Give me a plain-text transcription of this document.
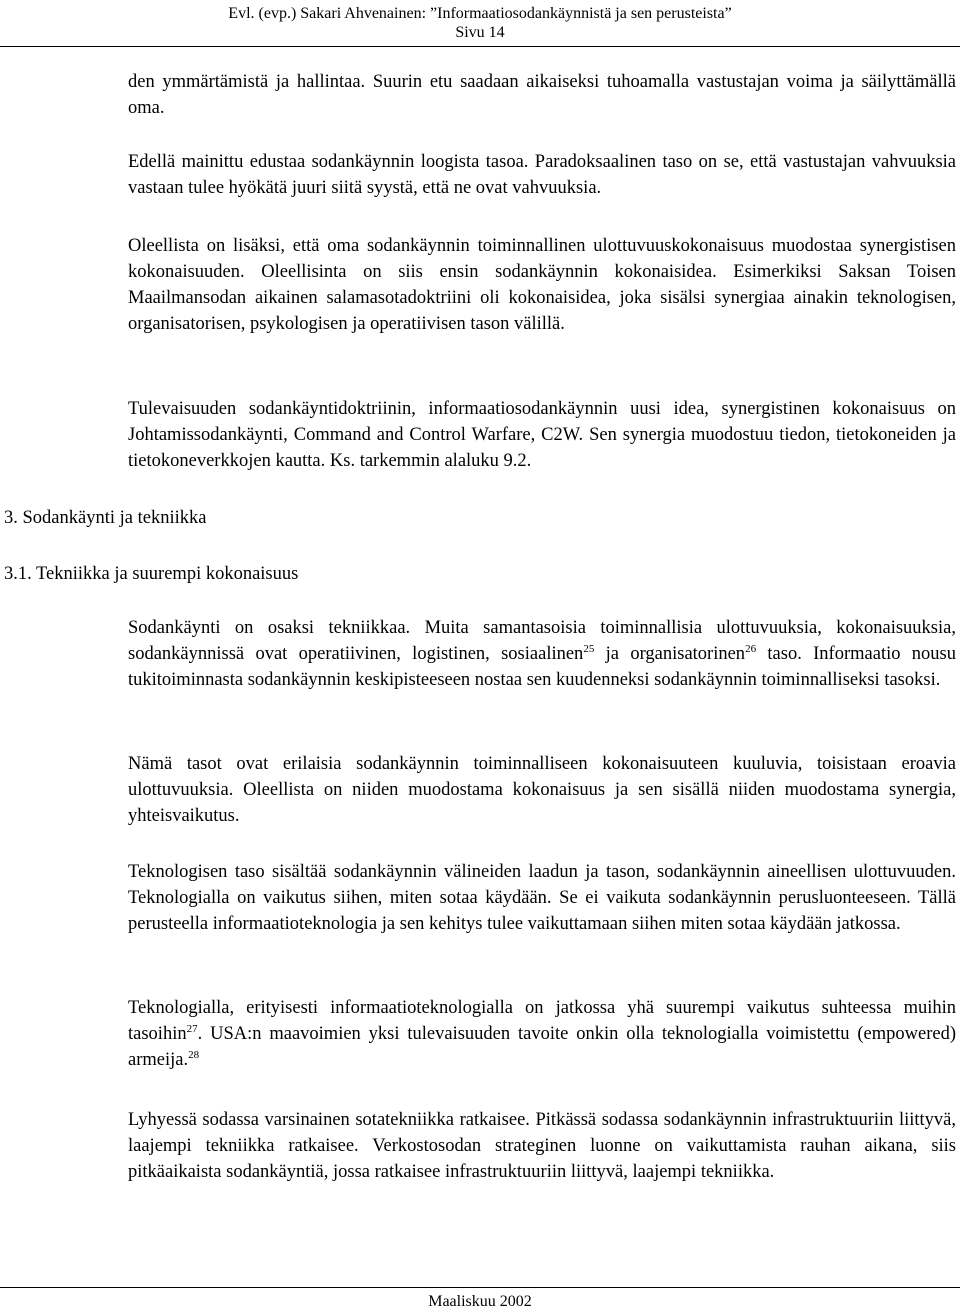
Evl. (evp.) Sakari Ahvenainen: ”Informaatiosodankäynnistä ja sen perusteista”
Sivu 14

den ymmärtämistä ja hallintaa. Suurin etu saadaan aikaiseksi tuhoamalla vastustajan voima ja säilyttämällä oma.

Edellä mainittu edustaa sodankäynnin loogista tasoa. Paradoksaalinen taso on se, että vastustajan vahvuuksia vastaan tulee hyökätä juuri siitä syystä, että ne ovat vahvuuksia.

Oleellista on lisäksi, että oma sodankäynnin toiminnallinen ulottuvuuskokonaisuus muodostaa synergistisen kokonaisuuden. Oleellisinta on siis ensin sodankäynnin kokonaisidea. Esimerkiksi Saksan Toisen Maailmansodan aikainen salamasotadoktriini oli kokonaisidea, joka sisälsi synergiaa ainakin teknologisen, organisatorisen, psykologisen ja operatiivisen tason välillä.

Tulevaisuuden sodankäyntidoktriinin, informaatiosodankäynnin uusi idea, synergistinen kokonaisuus on Johtamissodankäynti, Command and Control Warfare, C2W. Sen synergia muodostuu tiedon, tietokoneiden ja tietokoneverkkojen kautta. Ks. tarkemmin alaluku 9.2.

3. Sodankäynti ja tekniikka
3.1. Tekniikka ja suurempi kokonaisuus

Sodankäynti on osaksi tekniikkaa. Muita samantasoisia toiminnallisia ulottuvuuksia, kokonaisuuksia, sodankäynnissä ovat operatiivinen, logistinen, sosiaalinen$^{25}$ ja organisatorinen$^{26}$ taso. Informaatio nousu tukitoiminnasta sodankäynnin keskipisteeseen nostaa sen kuudenneksi sodankäynnin toiminnalliseksi tasoksi.

Nämä tasot ovat erilaisia sodankäynnin toiminnalliseen kokonaisuuteen kuuluvia, toisistaan eroavia ulottuvuuksia. Oleellista on niiden muodostama kokonaisuus ja sen sisällä niiden muodostama synergia, yhteisvaikutus.

Teknologisen taso sisältää sodankäynnin välineiden laadun ja tason, sodankäynnin aineellisen ulottuvuuden. Teknologialla on vaikutus siihen, miten sotaa käydään. Se ei vaikuta sodankäynnin perusluonteeseen. Tällä perusteella informaatioteknologia ja sen kehitys tulee vaikuttamaan siihen miten sotaa käydään jatkossa.

Teknologialla, erityisesti informaatioteknologialla on jatkossa yhä suurempi vaikutus suhteessa muihin tasoihin$^{27}$. USA:n maavoimien yksi tulevaisuuden tavoite onkin olla teknologialla voimistettu (empowered) armeija.$^{28}$

Lyhyessä sodassa varsinainen sotatekniikka ratkaisee. Pitkässä sodassa sodankäynnin infrastruktuuriin liittyvä, laajempi tekniikka ratkaisee. Verkostosodan strateginen luonne on vaikuttamista rauhan aikana, siis pitkäaikaista sodankäyntiä, jossa ratkaisee infrastruktuuriin liittyvä, laajempi tekniikka.

Maaliskuu 2002
